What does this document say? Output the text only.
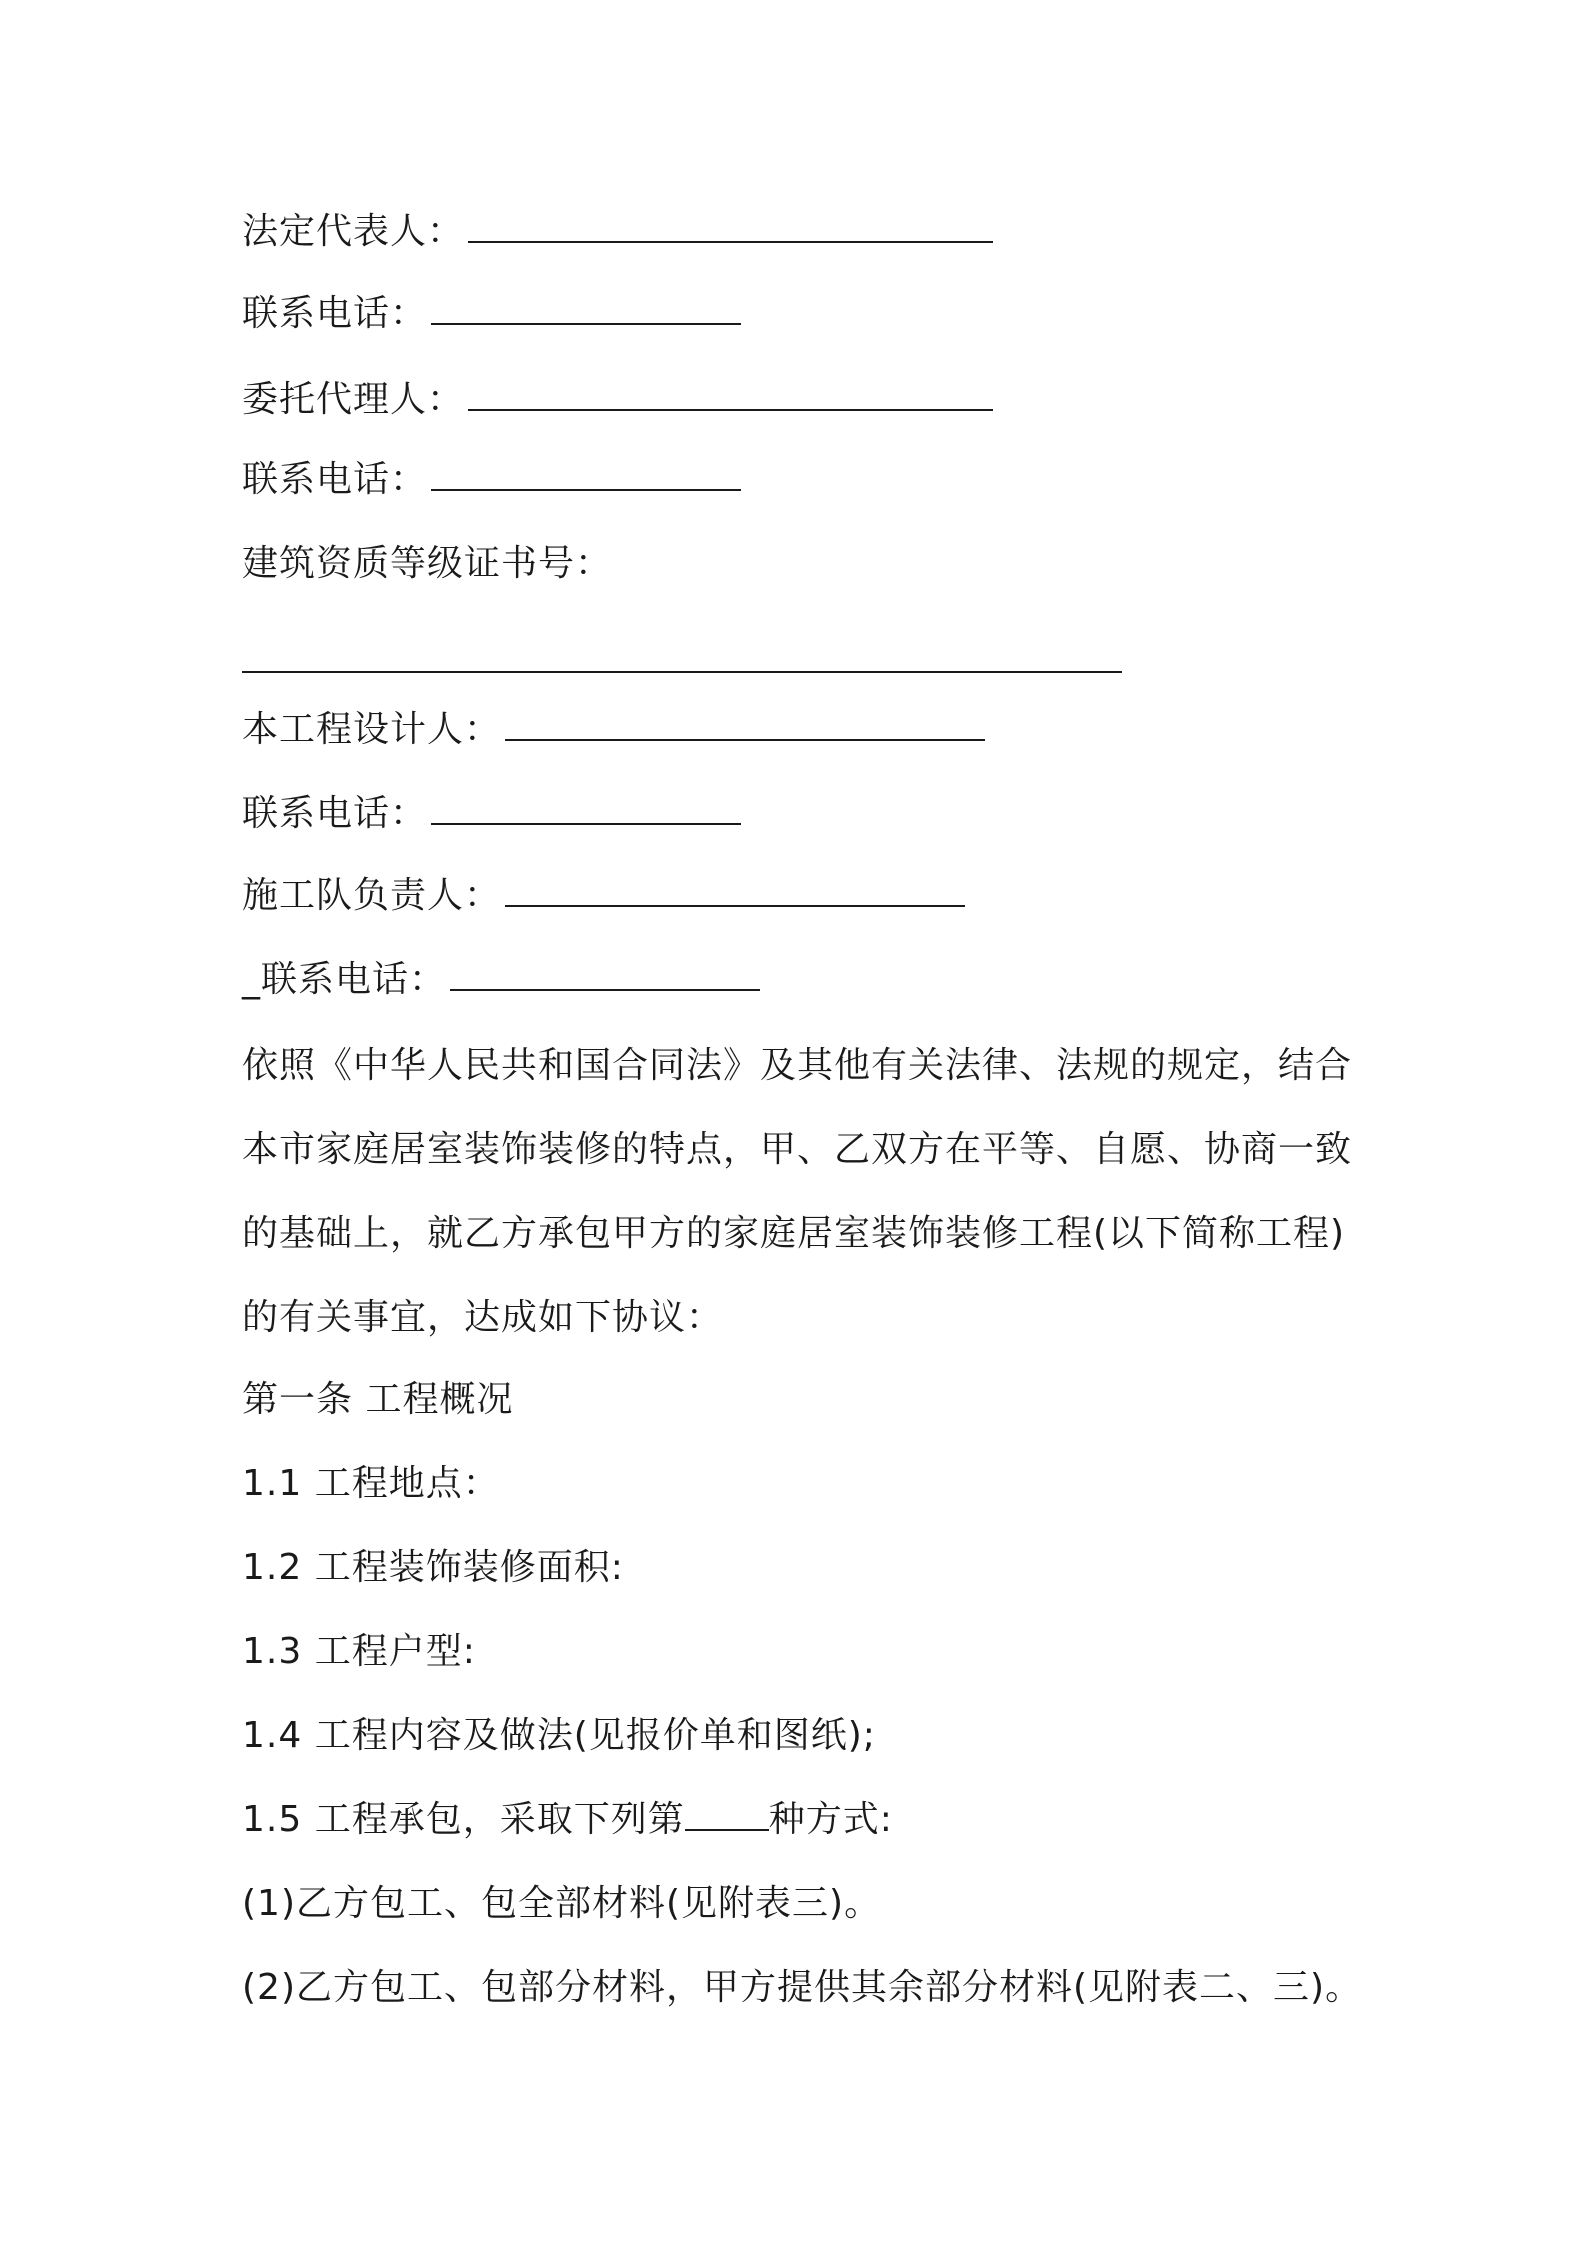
法定代表人：
联系电话：
委托代理人：
联系电话：
建筑资质等级证书号：
本工程设计人：
联系电话：
施工队负责人：
_联系电话：
依照《中华人民共和国合同法》及其他有关法律、法规的规定，结合本市家庭居室装饰装修的特点，甲、乙双方在平等、自愿、协商一致的基础上，就乙方承包甲方的家庭居室装饰装修工程(以下简称工程)的有关事宜，达成如下协议：
第一条 工程概况
1.1 工程地点：
1.2 工程装饰装修面积:
1.3 工程户型:
1.4 工程内容及做法(见报价单和图纸);
1.5 工程承包，采取下列第 种方式:
(1)乙方包工、包全部材料(见附表三)。
(2)乙方包工、包部分材料，甲方提供其余部分材料(见附表二、三)。
